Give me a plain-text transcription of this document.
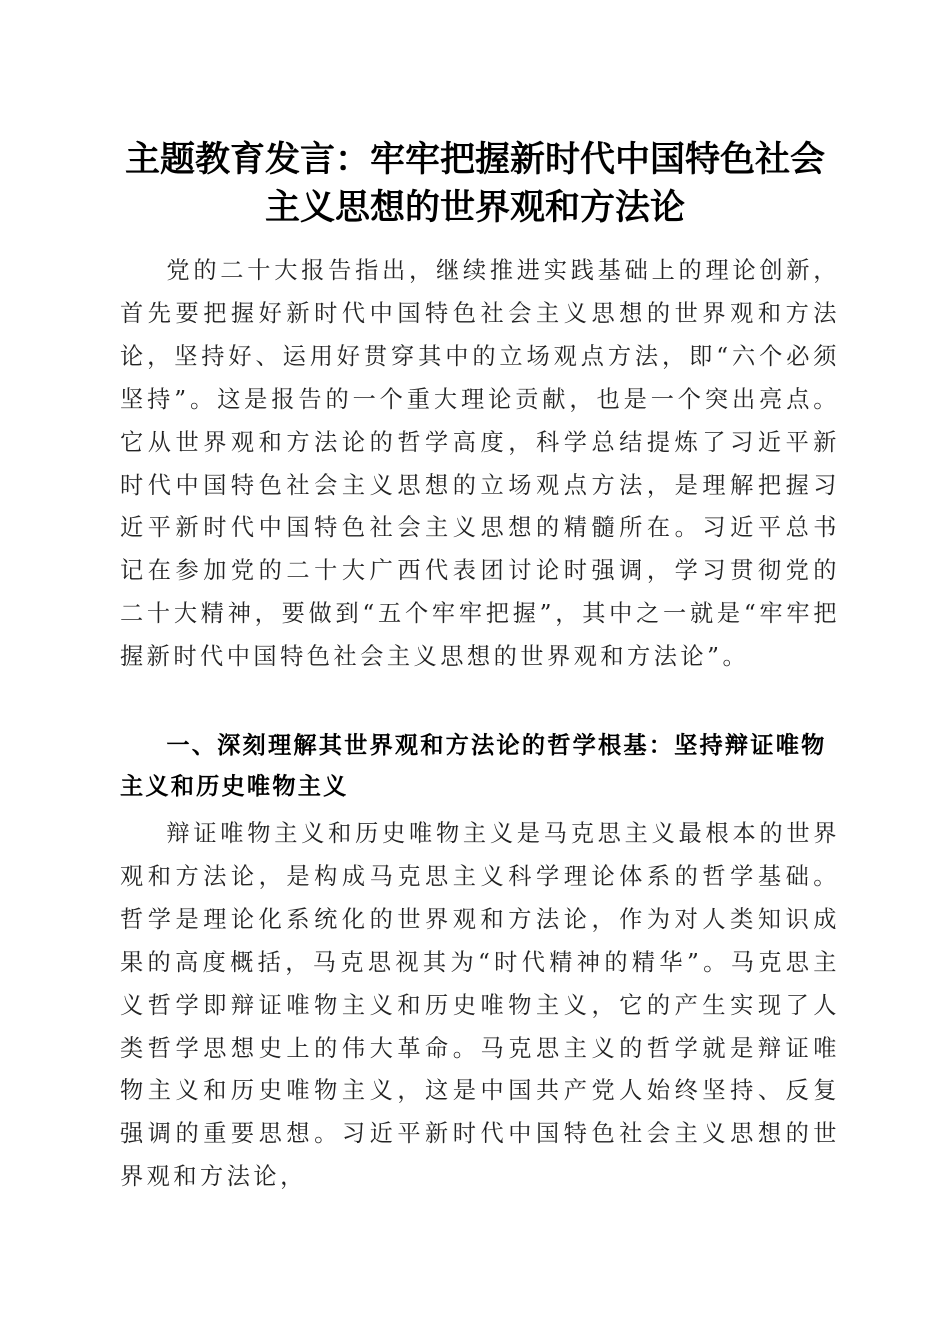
主题教育发言：牢牢把握新时代中国特色社会
主义思想的世界观和方法论

党的二十大报告指出，继续推进实践基础上的理论创新，首先要把握好新时代中国特色社会主义思想的世界观和方法论，坚持好、运用好贯穿其中的立场观点方法，即“六个必须坚持”。这是报告的一个重大理论贡献，也是一个突出亮点。它从世界观和方法论的哲学高度，科学总结提炼了习近平新时代中国特色社会主义思想的立场观点方法，是理解把握习近平新时代中国特色社会主义思想的精髓所在。习近平总书记在参加党的二十大广西代表团讨论时强调，学习贯彻党的二十大精神，要做到“五个牢牢把握”，其中之一就是“牢牢把握新时代中国特色社会主义思想的世界观和方法论”。

一、深刻理解其世界观和方法论的哲学根基：坚持辩证唯物主义和历史唯物主义

辩证唯物主义和历史唯物主义是马克思主义最根本的世界观和方法论，是构成马克思主义科学理论体系的哲学基础。哲学是理论化系统化的世界观和方法论，作为对人类知识成果的高度概括，马克思视其为“时代精神的精华”。马克思主义哲学即辩证唯物主义和历史唯物主义，它的产生实现了人类哲学思想史上的伟大革命。马克思主义的哲学就是辩证唯物主义和历史唯物主义，这是中国共产党人始终坚持、反复强调的重要思想。习近平新时代中国特色社会主义思想的世界观和方法论，
